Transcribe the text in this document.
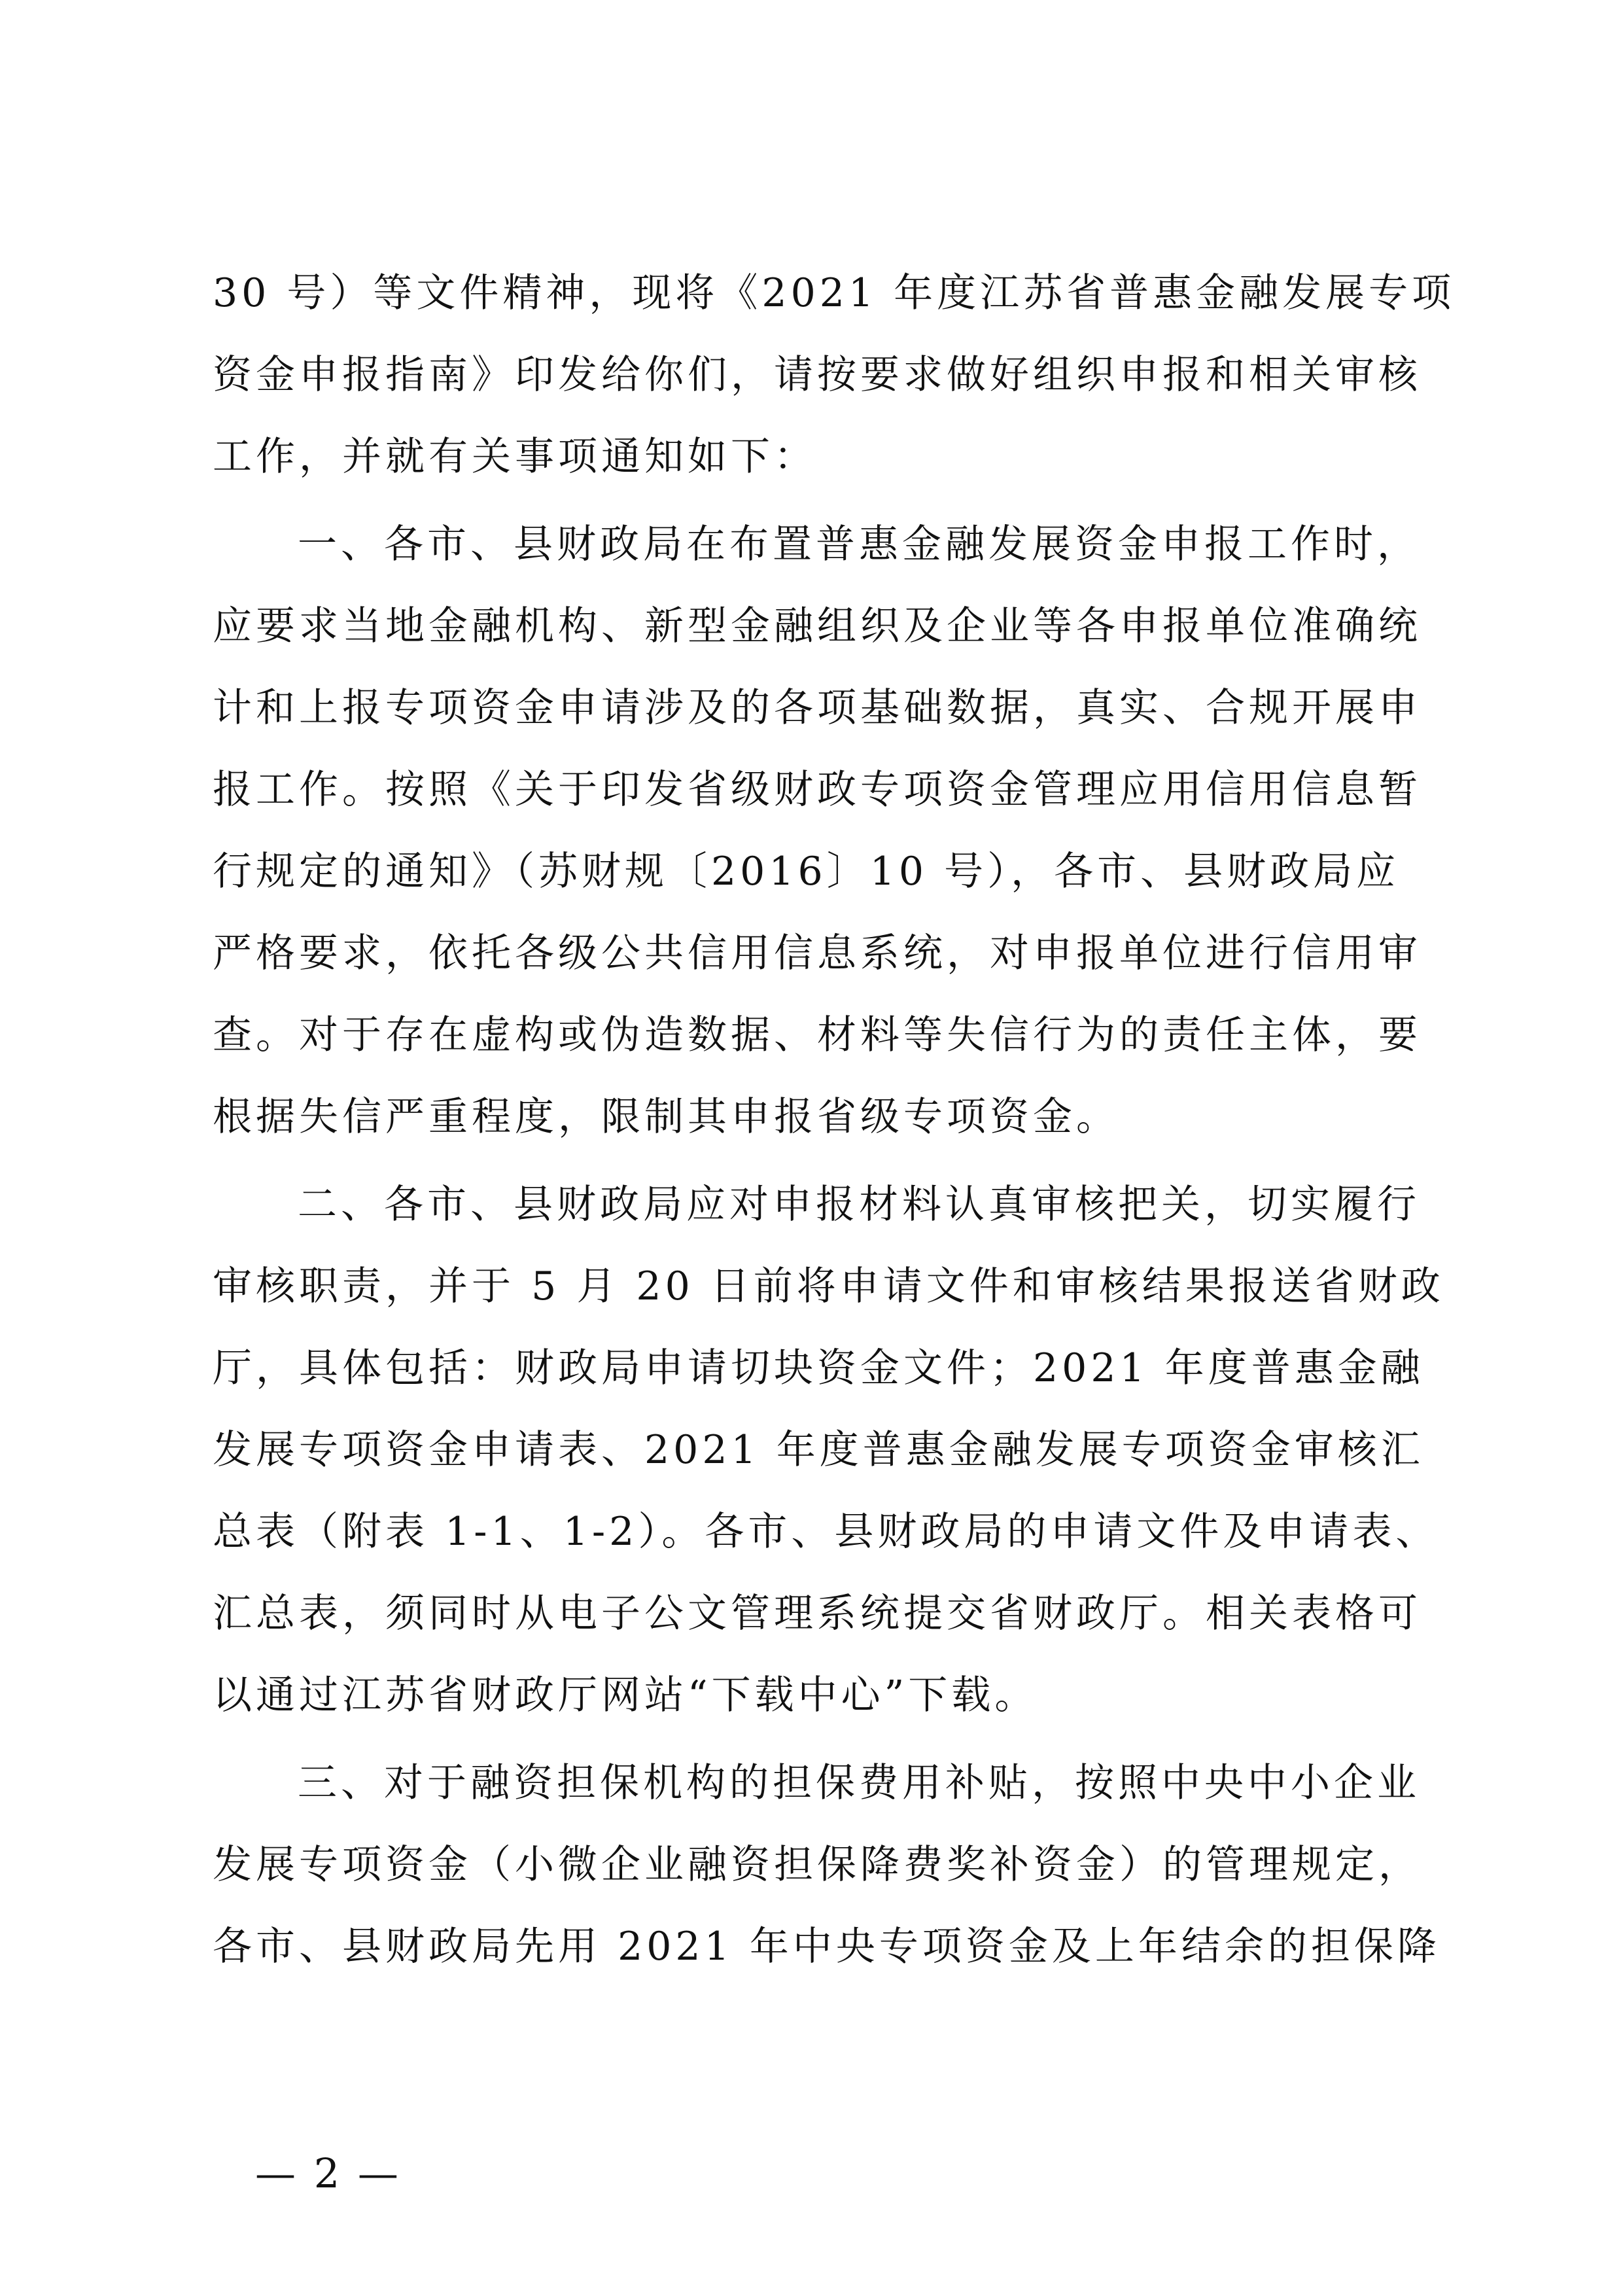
30 号）等文件精神，现将《2021 年度江苏省普惠金融发展专项
资金申报指南》印发给你们，请按要求做好组织申报和相关审核
工作，并就有关事项通知如下：
一、各市、县财政局在布置普惠金融发展资金申报工作时，
应要求当地金融机构、新型金融组织及企业等各申报单位准确统
计和上报专项资金申请涉及的各项基础数据，真实、合规开展申
报工作。按照《关于印发省级财政专项资金管理应用信用信息暂
行规定的通知》（苏财规〔2016〕10 号），各市、县财政局应
严格要求，依托各级公共信用信息系统，对申报单位进行信用审
查。对于存在虚构或伪造数据、材料等失信行为的责任主体，要
根据失信严重程度，限制其申报省级专项资金。
二、各市、县财政局应对申报材料认真审核把关，切实履行
审核职责，并于 5 月 20 日前将申请文件和审核结果报送省财政
厅，具体包括：财政局申请切块资金文件；2021 年度普惠金融
发展专项资金申请表、2021 年度普惠金融发展专项资金审核汇
总表（附表 1-1、1-2）。各市、县财政局的申请文件及申请表、
汇总表，须同时从电子公文管理系统提交省财政厅。相关表格可
以通过江苏省财政厅网站“下载中心”下载。
三、对于融资担保机构的担保费用补贴，按照中央中小企业
发展专项资金（小微企业融资担保降费奖补资金）的管理规定，
各市、县财政局先用 2021 年中央专项资金及上年结余的担保降
— 2 —
